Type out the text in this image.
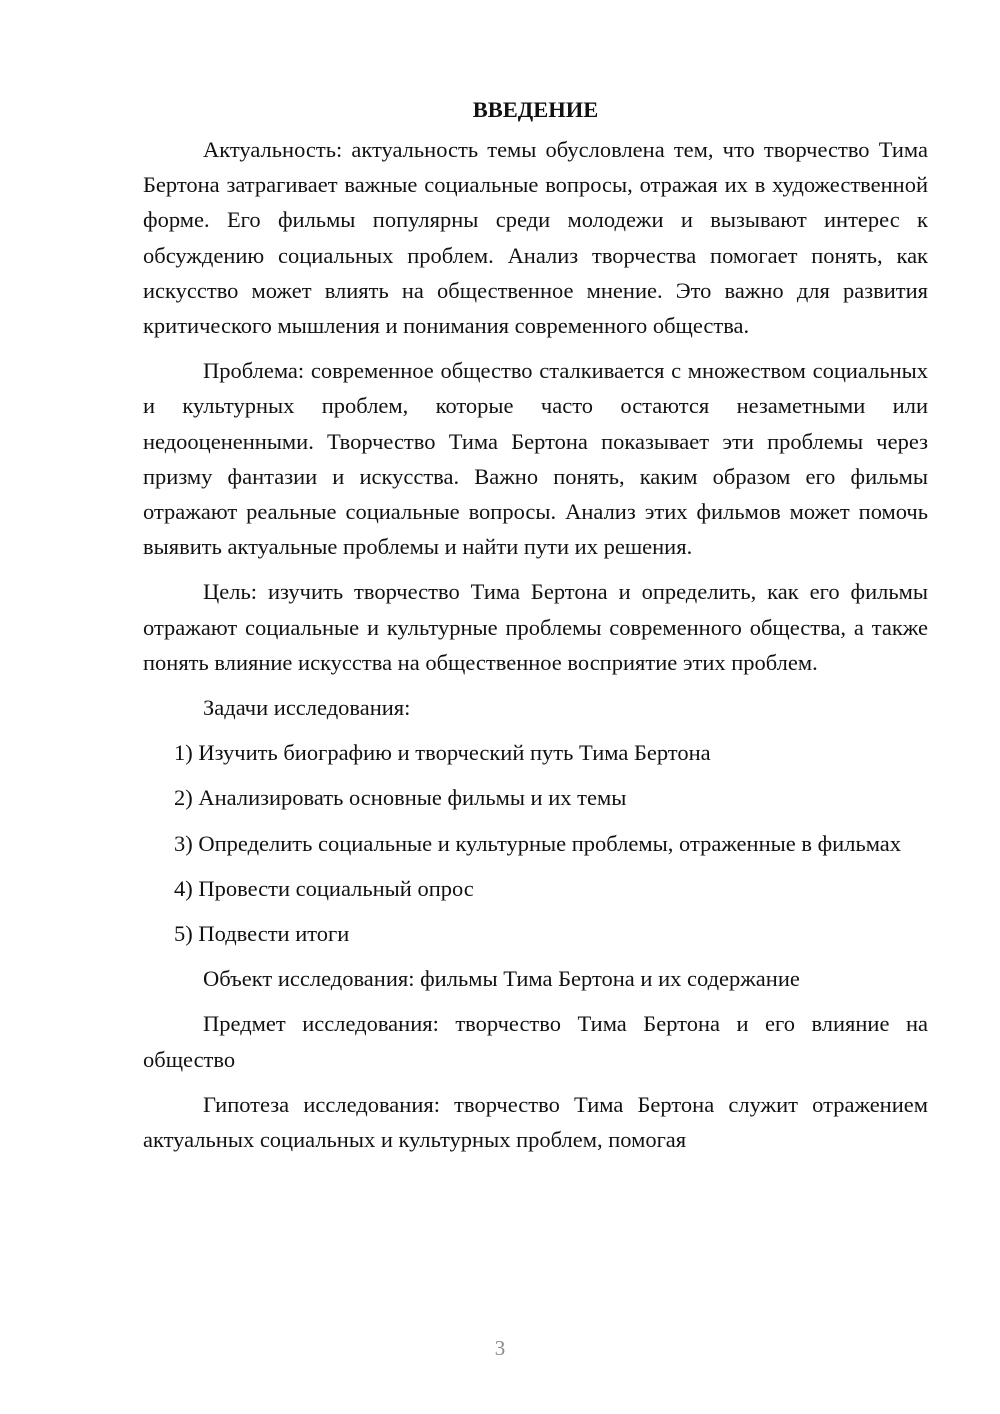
ВВЕДЕНИЕ

Актуальность: актуальность темы обусловлена тем, что творчество Тима Бертона затрагивает важные социальные вопросы, отражая их в художественной форме. Его фильмы популярны среди молодежи и вызывают интерес к обсуждению социальных проблем. Анализ творчества помогает понять, как искусство может влиять на общественное мнение. Это важно для развития критического мышления и понимания современного общества.

Проблема: современное общество сталкивается с множеством социальных и культурных проблем, которые часто остаются незаметными или недооцененными. Творчество Тима Бертона показывает эти проблемы через призму фантазии и искусства. Важно понять, каким образом его фильмы отражают реальные социальные вопросы. Анализ этих фильмов может помочь выявить актуальные проблемы и найти пути их решения.

Цель: изучить творчество Тима Бертона и определить, как его фильмы отражают социальные и культурные проблемы современного общества, а также понять влияние искусства на общественное восприятие этих проблем.

Задачи исследования:

1) Изучить биографию и творческий путь Тима Бертона

2) Анализировать основные фильмы и их темы

3) Определить социальные и культурные проблемы, отраженные в фильмах

4) Провести социальный опрос

5) Подвести итоги

Объект исследования: фильмы Тима Бертона и их содержание

Предмет исследования: творчество Тима Бертона и его влияние на общество

Гипотеза исследования: творчество Тима Бертона служит отражением актуальных социальных и культурных проблем, помогая

3
